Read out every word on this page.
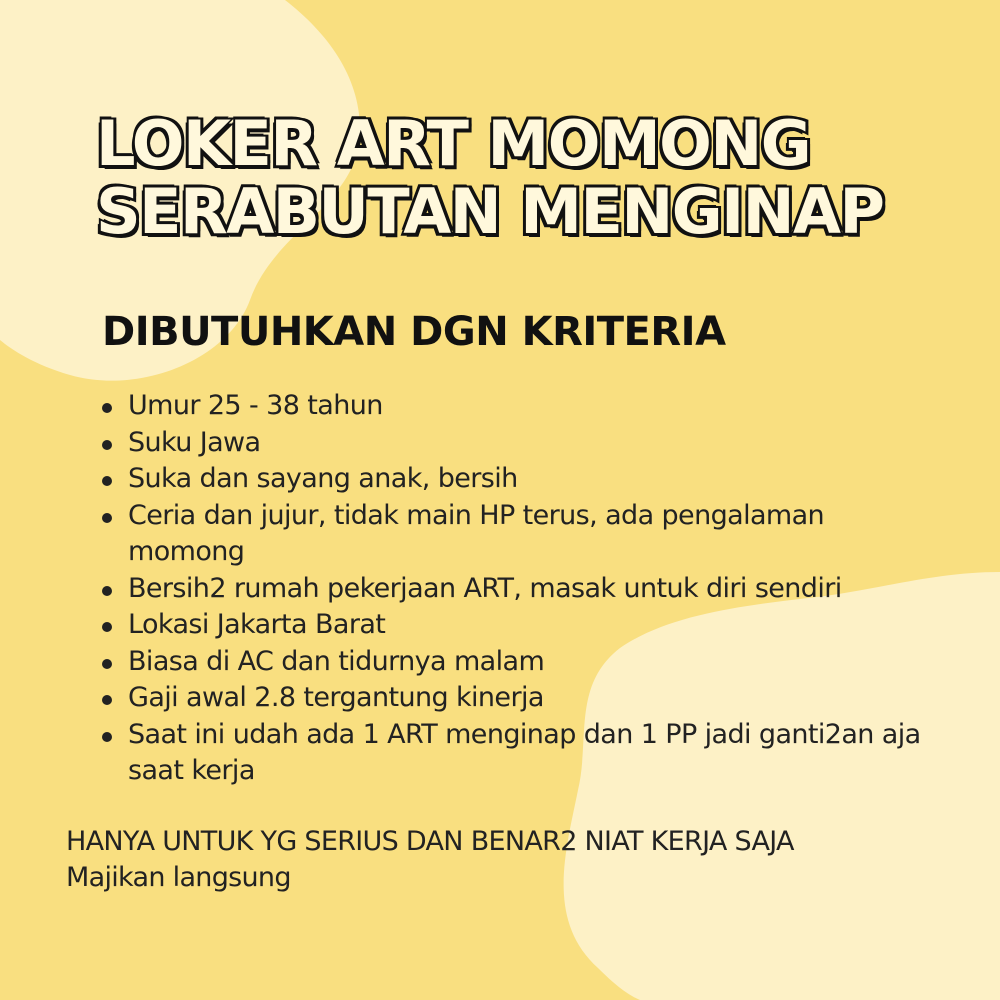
LOKER ART MOMONG
SERABUTAN MENGINAP
DIBUTUHKAN DGN KRITERIA
Umur 25 - 38 tahun
Suku Jawa
Suka dan sayang anak, bersih
Ceria dan jujur, tidak main HP terus, ada pengalaman momong
Bersih2 rumah pekerjaan ART, masak untuk diri sendiri
Lokasi Jakarta Barat
Biasa di AC dan tidurnya malam
Gaji awal 2.8 tergantung kinerja
Saat ini udah ada 1 ART menginap dan 1 PP jadi ganti2an aja saat kerja
HANYA UNTUK YG SERIUS DAN BENAR2 NIAT KERJA SAJA
Majikan langsung
